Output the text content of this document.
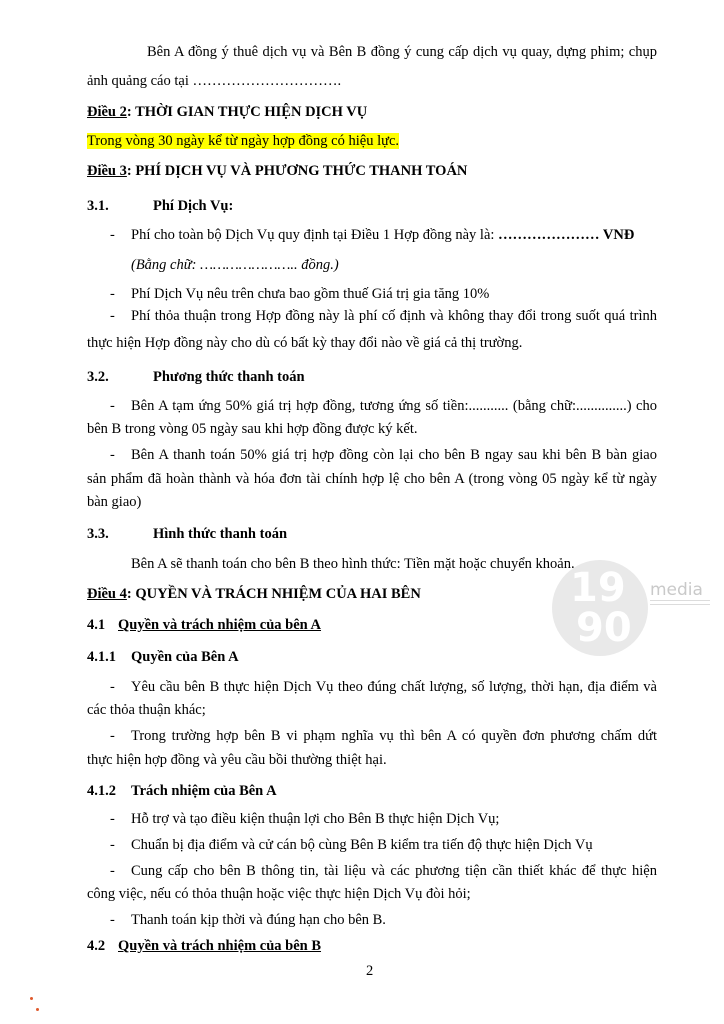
Bên A đồng ý thuê dịch vụ và Bên B đồng ý cung cấp dịch vụ quay, dựng phim; chụp
ảnh quảng cáo tại ………………………….
Điều 2: THỜI GIAN THỰC HIỆN DỊCH VỤ
Trong vòng 30 ngày kể từ ngày hợp đồng có hiệu lực.
Điều 3: PHÍ DỊCH VỤ VÀ PHƯƠNG THỨC THANH TOÁN
3.1.	Phí Dịch Vụ:
- Phí cho toàn bộ Dịch Vụ quy định tại Điều 1 Hợp đồng này là: ………………… VNĐ
(Bằng chữ: ………………….. đồng.)
- Phí Dịch Vụ nêu trên chưa bao gồm thuế Giá trị gia tăng 10%
- Phí thỏa thuận trong Hợp đồng này là phí cố định và không thay đổi trong suốt quá trình
thực hiện Hợp đồng này cho dù có bất kỳ thay đổi nào về giá cả thị trường.
3.2.	Phương thức thanh toán
- Bên A tạm ứng 50% giá trị hợp đồng, tương ứng số tiền:........... (bằng chữ:..............) cho
bên B trong vòng 05 ngày sau khi hợp đồng được ký kết.
- Bên A thanh toán 50% giá trị hợp đồng còn lại cho bên B ngay sau khi bên B bàn giao
sản phẩm đã hoàn thành và hóa đơn tài chính hợp lệ cho bên A (trong vòng 05 ngày kể từ ngày
bàn giao)
3.3.	Hình thức thanh toán
Bên A sẽ thanh toán cho bên B theo hình thức: Tiền mặt hoặc chuyển khoản.
Điều 4: QUYỀN VÀ TRÁCH NHIỆM CỦA HAI BÊN
4.1 Quyền và trách nhiệm của bên A
4.1.1 Quyền của Bên A
- Yêu cầu bên B thực hiện Dịch Vụ theo đúng chất lượng, số lượng, thời hạn, địa điểm và
các thỏa thuận khác;
- Trong trường hợp bên B vi phạm nghĩa vụ thì bên A có quyền đơn phương chấm dứt
thực hiện hợp đồng và yêu cầu bồi thường thiệt hại.
4.1.2 Trách nhiệm của Bên A
- Hỗ trợ và tạo điều kiện thuận lợi cho Bên B thực hiện Dịch Vụ;
- Chuẩn bị địa điểm và cử cán bộ cùng Bên B kiểm tra tiến độ thực hiện Dịch Vụ
- Cung cấp cho bên B thông tin, tài liệu và các phương tiện cần thiết khác để thực hiện
công việc, nếu có thỏa thuận hoặc việc thực hiện Dịch Vụ đòi hỏi;
- Thanh toán kịp thời và đúng hạn cho bên B.
4.2 Quyền và trách nhiệm của bên B
2
19
90
media
